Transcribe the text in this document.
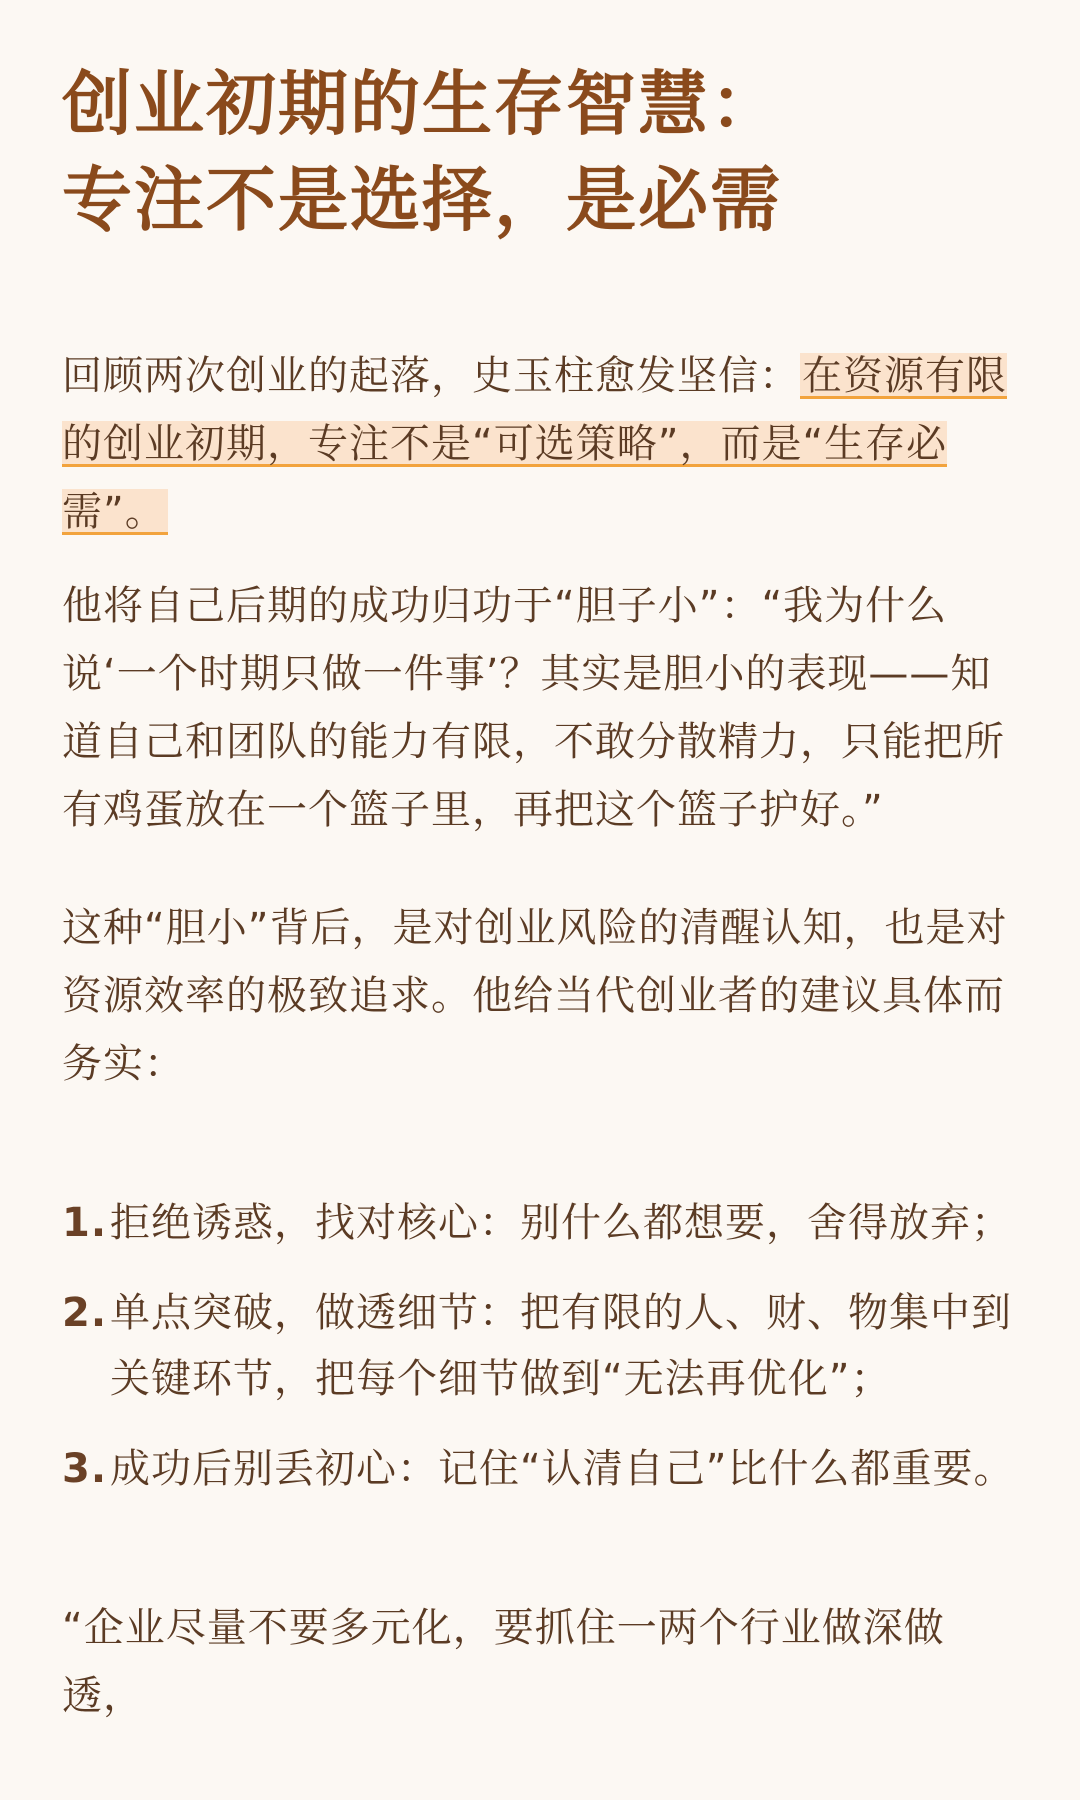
创业初期的生存智慧：
专注不是选择，是必需

回顾两次创业的起落，史玉柱愈发坚信：在资源有限的创业初期，专注不是“可选策略”，而是“生存必需”。

他将自己后期的成功归功于“胆子小”：“我为什么说‘一个时期只做一件事’？其实是胆小的表现——知道自己和团队的能力有限，不敢分散精力，只能把所有鸡蛋放在一个篮子里，再把这个篮子护好。”

这种“胆小”背后，是对创业风险的清醒认知，也是对资源效率的极致追求。他给当代创业者的建议具体而务实：

1. 拒绝诱惑，找对核心：别什么都想要，舍得放弃；
2. 单点突破，做透细节：把有限的人、财、物集中到关键环节，把每个细节做到“无法再优化”；
3. 成功后别丢初心：记住“认清自己”比什么都重要。

“企业尽量不要多元化，要抓住一两个行业做深做透，
